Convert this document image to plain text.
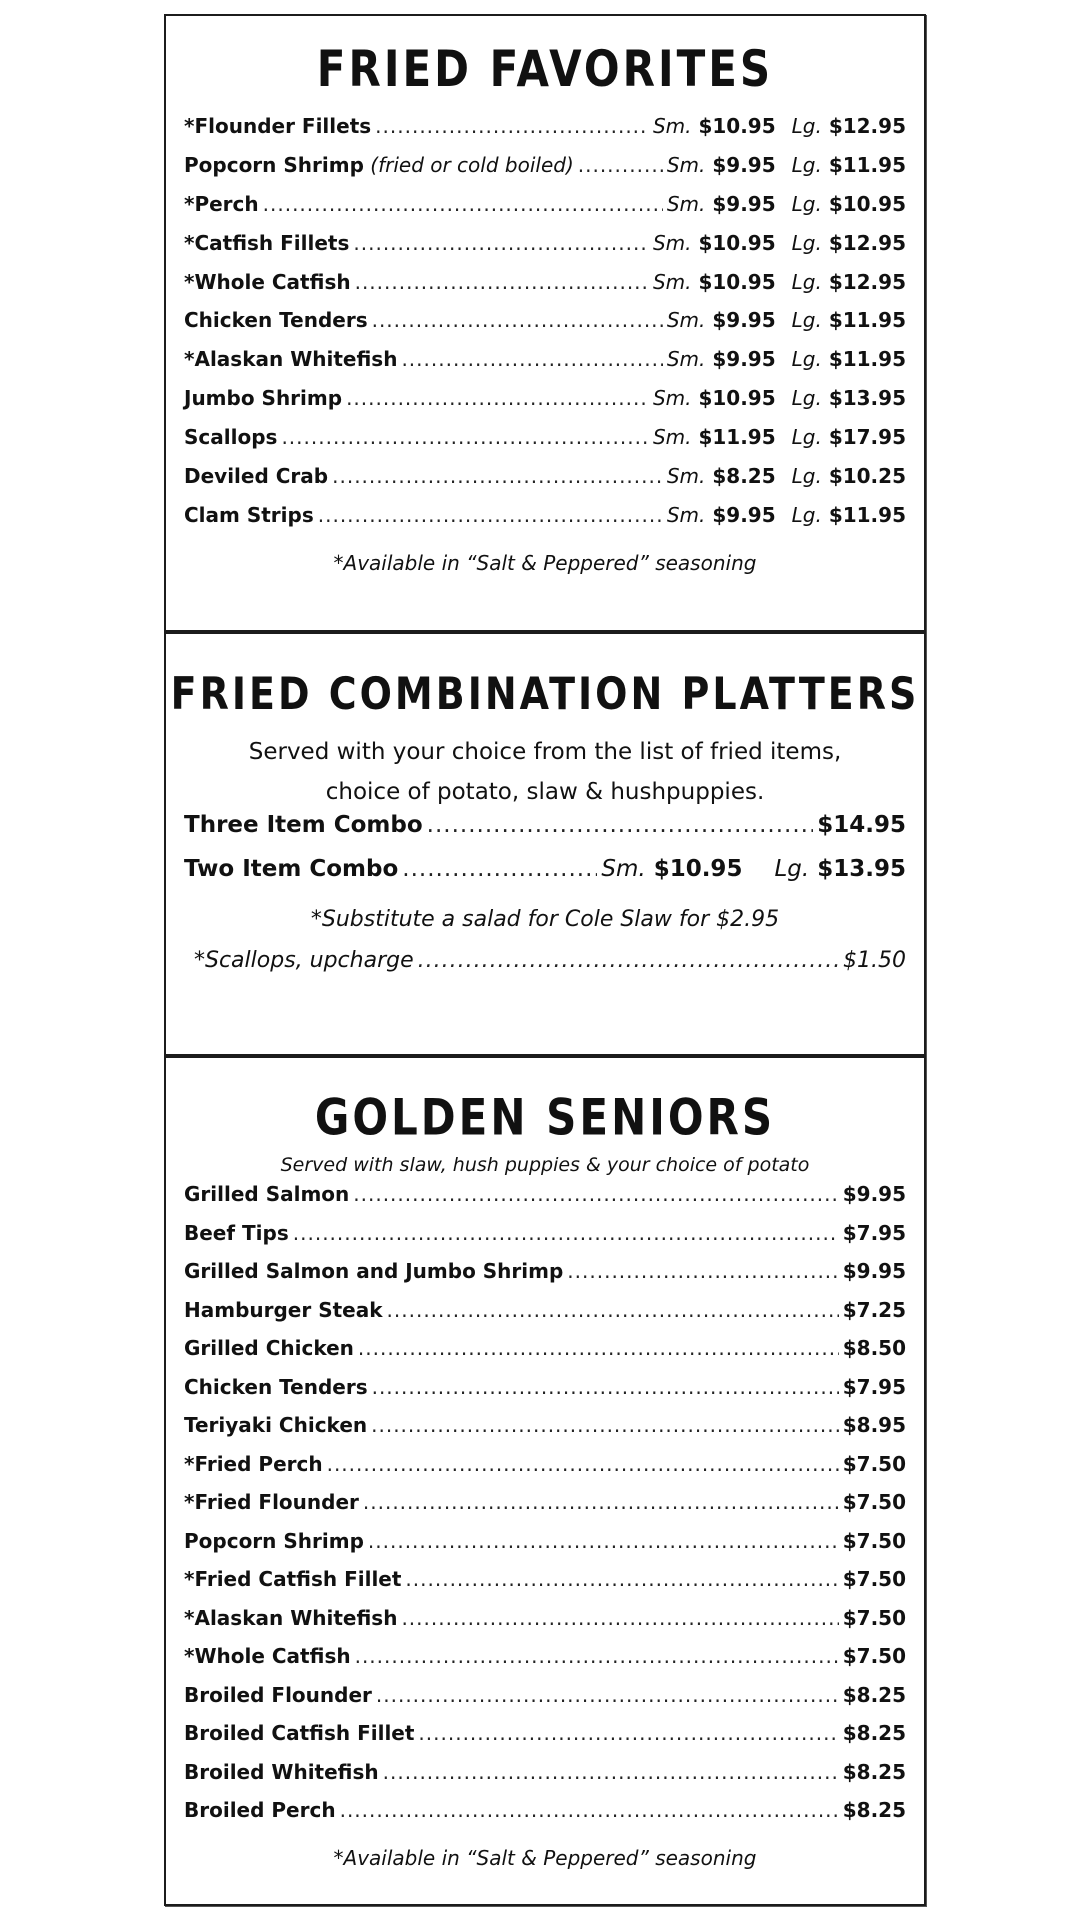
FRIED FAVORITES
*Flounder Fillets .....	Sm. $10.95 Lg. $12.95
Popcorn Shrimp (fried or cold boiled) .....	Sm. $9.95 Lg. $11.95
*Perch .....	Sm. $9.95 Lg. $10.95
*Catfish Fillets .....	Sm. $10.95 Lg. $12.95
*Whole Catfish .....	Sm. $10.95 Lg. $12.95
Chicken Tenders .....	Sm. $9.95 Lg. $11.95
*Alaskan Whitefish .....	Sm. $9.95 Lg. $11.95
Jumbo Shrimp .....	Sm. $10.95 Lg. $13.95
Scallops .....	Sm. $11.95 Lg. $17.95
Deviled Crab .....	Sm. $8.25 Lg. $10.25
Clam Strips .....	Sm. $9.95 Lg. $11.95
*Available in “Salt & Peppered” seasoning
FRIED COMBINATION PLATTERS
Served with your choice from the list of fried items,
choice of potato, slaw & hushpuppies.
Three Item Combo .....	$14.95
Two Item Combo .....	Sm. $10.95 Lg. $13.95
*Substitute a salad for Cole Slaw for $2.95
*Scallops, upcharge .....	$1.50
GOLDEN SENIORS
Served with slaw, hush puppies & your choice of potato
Grilled Salmon .....	$9.95
Beef Tips .....	$7.95
Grilled Salmon and Jumbo Shrimp .....	$9.95
Hamburger Steak .....	$7.25
Grilled Chicken .....	$8.50
Chicken Tenders .....	$7.95
Teriyaki Chicken .....	$8.95
*Fried Perch .....	$7.50
*Fried Flounder .....	$7.50
Popcorn Shrimp .....	$7.50
*Fried Catfish Fillet .....	$7.50
*Alaskan Whitefish .....	$7.50
*Whole Catfish .....	$7.50
Broiled Flounder .....	$8.25
Broiled Catfish Fillet .....	$8.25
Broiled Whitefish .....	$8.25
Broiled Perch .....	$8.25
*Available in “Salt & Peppered” seasoning
